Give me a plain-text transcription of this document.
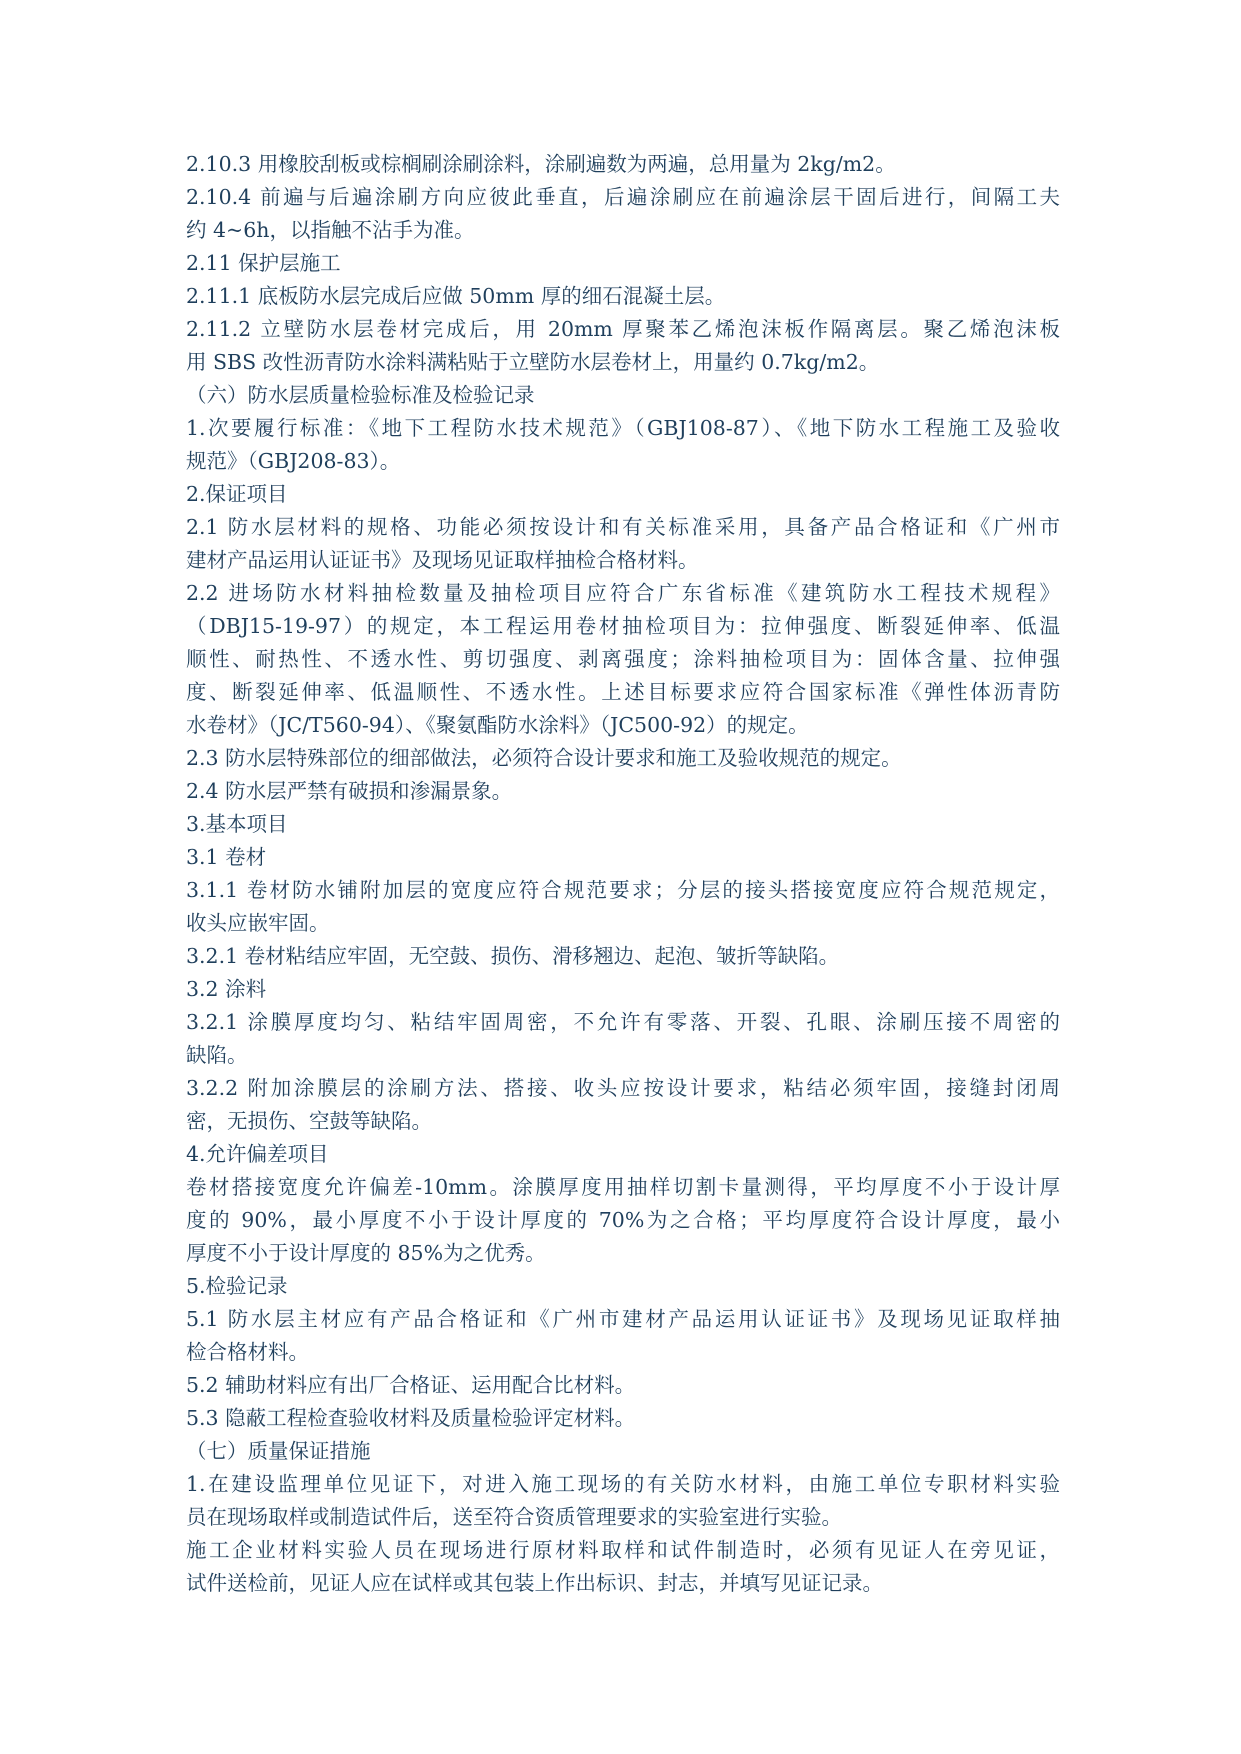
2.10.3 用橡胶刮板或棕榈刷涂刷涂料，涂刷遍数为两遍，总用量为 2kg/m2。

2.10.4 前遍与后遍涂刷方向应彼此垂直，后遍涂刷应在前遍涂层干固后进行，间隔工夫

约 4~6h，以指触不沾手为准。

2.11 保护层施工

2.11.1 底板防水层完成后应做 50mm 厚的细石混凝土层。

2.11.2 立壁防水层卷材完成后，用 20mm 厚聚苯乙烯泡沫板作隔离层。聚乙烯泡沫板

用 SBS 改性沥青防水涂料满粘贴于立壁防水层卷材上，用量约 0.7kg/m2。

（六）防水层质量检验标准及检验记录

1.次要履行标准：《地下工程防水技术规范》（GBJ108-87）、《地下防水工程施工及验收

规范》（GBJ208-83）。

2.保证项目

2.1 防水层材料的规格、功能必须按设计和有关标准采用，具备产品合格证和《广州市

建材产品运用认证证书》及现场见证取样抽检合格材料。

2.2 进场防水材料抽检数量及抽检项目应符合广东省标准《建筑防水工程技术规程》

（DBJ15-19-97）的规定，本工程运用卷材抽检项目为：拉伸强度、断裂延伸率、低温

顺性、耐热性、不透水性、剪切强度、剥离强度；涂料抽检项目为：固体含量、拉伸强

度、断裂延伸率、低温顺性、不透水性。上述目标要求应符合国家标准《弹性体沥青防

水卷材》（JC/T560-94）、《聚氨酯防水涂料》（JC500-92）的规定。

2.3 防水层特殊部位的细部做法，必须符合设计要求和施工及验收规范的规定。

2.4 防水层严禁有破损和渗漏景象。

3.基本项目

3.1 卷材

3.1.1 卷材防水铺附加层的宽度应符合规范要求；分层的接头搭接宽度应符合规范规定，

收头应嵌牢固。

3.2.1 卷材粘结应牢固，无空鼓、损伤、滑移翘边、起泡、皱折等缺陷。

3.2 涂料

3.2.1 涂膜厚度均匀、粘结牢固周密，不允许有零落、开裂、孔眼、涂刷压接不周密的

缺陷。

3.2.2 附加涂膜层的涂刷方法、搭接、收头应按设计要求，粘结必须牢固，接缝封闭周

密，无损伤、空鼓等缺陷。

4.允许偏差项目

卷材搭接宽度允许偏差-10mm。涂膜厚度用抽样切割卡量测得，平均厚度不小于设计厚

度的 90%，最小厚度不小于设计厚度的 70%为之合格；平均厚度符合设计厚度，最小

厚度不小于设计厚度的 85%为之优秀。

5.检验记录

5.1 防水层主材应有产品合格证和《广州市建材产品运用认证证书》及现场见证取样抽

检合格材料。

5.2 辅助材料应有出厂合格证、运用配合比材料。

5.3 隐蔽工程检查验收材料及质量检验评定材料。

（七）质量保证措施

1.在建设监理单位见证下，对进入施工现场的有关防水材料，由施工单位专职材料实验

员在现场取样或制造试件后，送至符合资质管理要求的实验室进行实验。

施工企业材料实验人员在现场进行原材料取样和试件制造时，必须有见证人在旁见证，

试件送检前，见证人应在试样或其包装上作出标识、封志，并填写见证记录。
